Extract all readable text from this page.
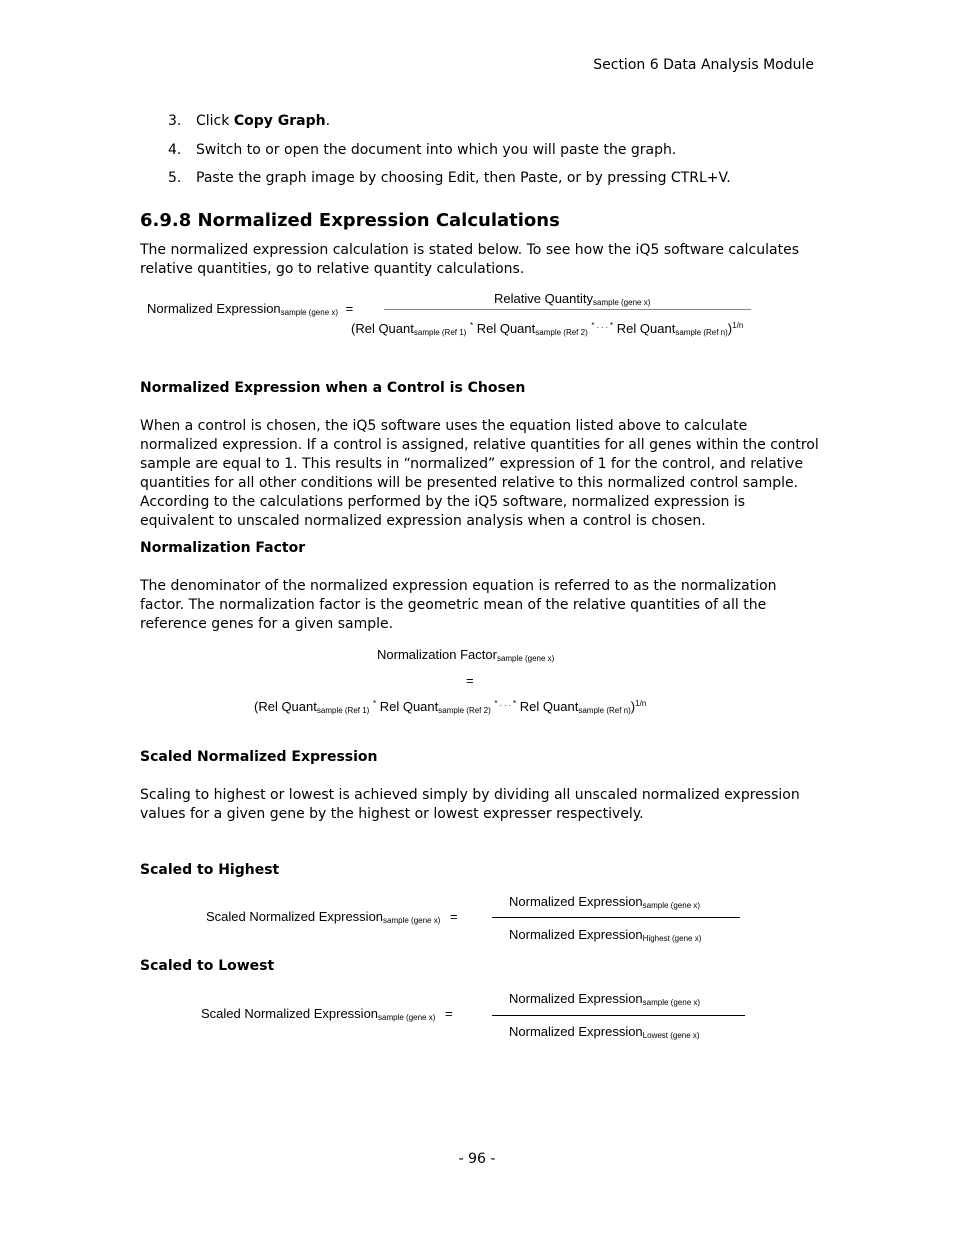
Section 6 Data Analysis Module
3. Click Copy Graph.
4. Switch to or open the document into which you will paste the graph.
5. Paste the graph image by choosing Edit, then Paste, or by pressing CTRL+V.
6.9.8 Normalized Expression Calculations
The normalized expression calculation is stated below. To see how the iQ5 software calculates relative quantities, go to relative quantity calculations.
Normalized Expression$_{sample (gene x)}$ =
Relative Quantity$_{sample (gene x)}$
(Rel Quant$_{sample (Ref 1)}$ * Rel Quant$_{sample (Ref 2)}$ * . . . * Rel Quant$_{sample (Ref n)}$)$^{1/n}$
Normalized Expression when a Control is Chosen
When a control is chosen, the iQ5 software uses the equation listed above to calculate normalized expression. If a control is assigned, relative quantities for all genes within the control sample are equal to 1. This results in “normalized” expression of 1 for the control, and relative quantities for all other conditions will be presented relative to this normalized control sample. According to the calculations performed by the iQ5 software, normalized expression is equivalent to unscaled normalized expression analysis when a control is chosen.
Normalization Factor
The denominator of the normalized expression equation is referred to as the normalization factor. The normalization factor is the geometric mean of the relative quantities of all the reference genes for a given sample.
Normalization Factor$_{sample (gene x)}$
=
(Rel Quant$_{sample (Ref 1)}$ * Rel Quant$_{sample (Ref 2)}$ * . . . * Rel Quant$_{sample (Ref n)}$)$^{1/n}$
Scaled Normalized Expression
Scaling to highest or lowest is achieved simply by dividing all unscaled normalized expression values for a given gene by the highest or lowest expresser respectively.
Scaled to Highest
Scaled Normalized Expression$_{sample (gene x)}$ =
Normalized Expression$_{sample (gene x)}$
Normalized Expression$_{Highest (gene x)}$
Scaled to Lowest
Scaled Normalized Expression$_{sample (gene x)}$ =
Normalized Expression$_{sample (gene x)}$
Normalized Expression$_{Lowest (gene x)}$
- 96 -
